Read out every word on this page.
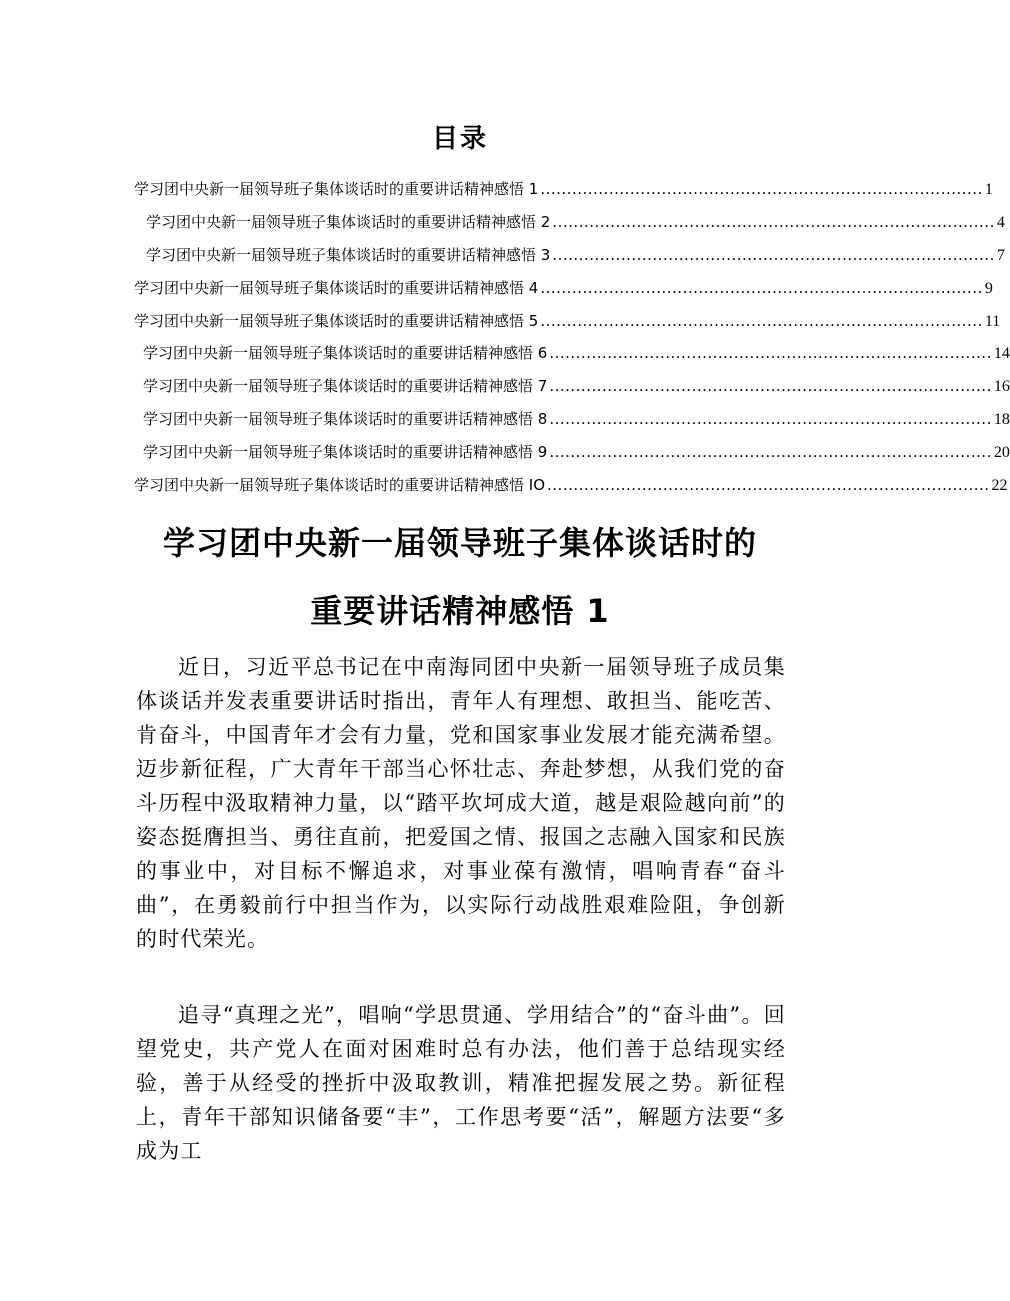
目录
学习团中央新一届领导班子集体谈话时的重要讲话精神感悟 1 .................................................................................... 1
学习团中央新一届领导班子集体谈话时的重要讲话精神感悟 2 .................................................................................... 4
学习团中央新一届领导班子集体谈话时的重要讲话精神感悟 3 .................................................................................... 7
学习团中央新一届领导班子集体谈话时的重要讲话精神感悟 4 .................................................................................... 9
学习团中央新一届领导班子集体谈话时的重要讲话精神感悟 5 .................................................................................... 11
学习团中央新一届领导班子集体谈话时的重要讲话精神感悟 6 .................................................................................... 14
学习团中央新一届领导班子集体谈话时的重要讲话精神感悟 7 .................................................................................... 16
学习团中央新一届领导班子集体谈话时的重要讲话精神感悟 8 .................................................................................... 18
学习团中央新一届领导班子集体谈话时的重要讲话精神感悟 9 .................................................................................... 20
学习团中央新一届领导班子集体谈话时的重要讲话精神感悟 IO .................................................................................... 22
学习团中央新一届领导班子集体谈话时的
重要讲话精神感悟 1

近日，习近平总书记在中南海同团中央新一届领导班子成员集体谈话并发表重要讲话时指出，青年人有理想、敢担当、能吃苦、肯奋斗，中国青年才会有力量，党和国家事业发展才能充满希望。迈步新征程，广大青年干部当心怀壮志、奔赴梦想，从我们党的奋斗历程中汲取精神力量，以“踏平坎坷成大道，越是艰险越向前”的姿态挺膺担当、勇往直前，把爱国之情、报国之志融入国家和民族的事业中，对目标不懈追求，对事业葆有激情，唱响青春“奋斗曲”，在勇毅前行中担当作为，以实际行动战胜艰难险阻，争创新的时代荣光。

追寻“真理之光”，唱响“学思贯通、学用结合”的“奋斗曲”。回望党史，共产党人在面对困难时总有办法，他们善于总结现实经验，善于从经受的挫折中汲取教训，精准把握发展之势。新征程上，青年干部知识储备要“丰”，工作思考要“活”，解题方法要“多成为工
